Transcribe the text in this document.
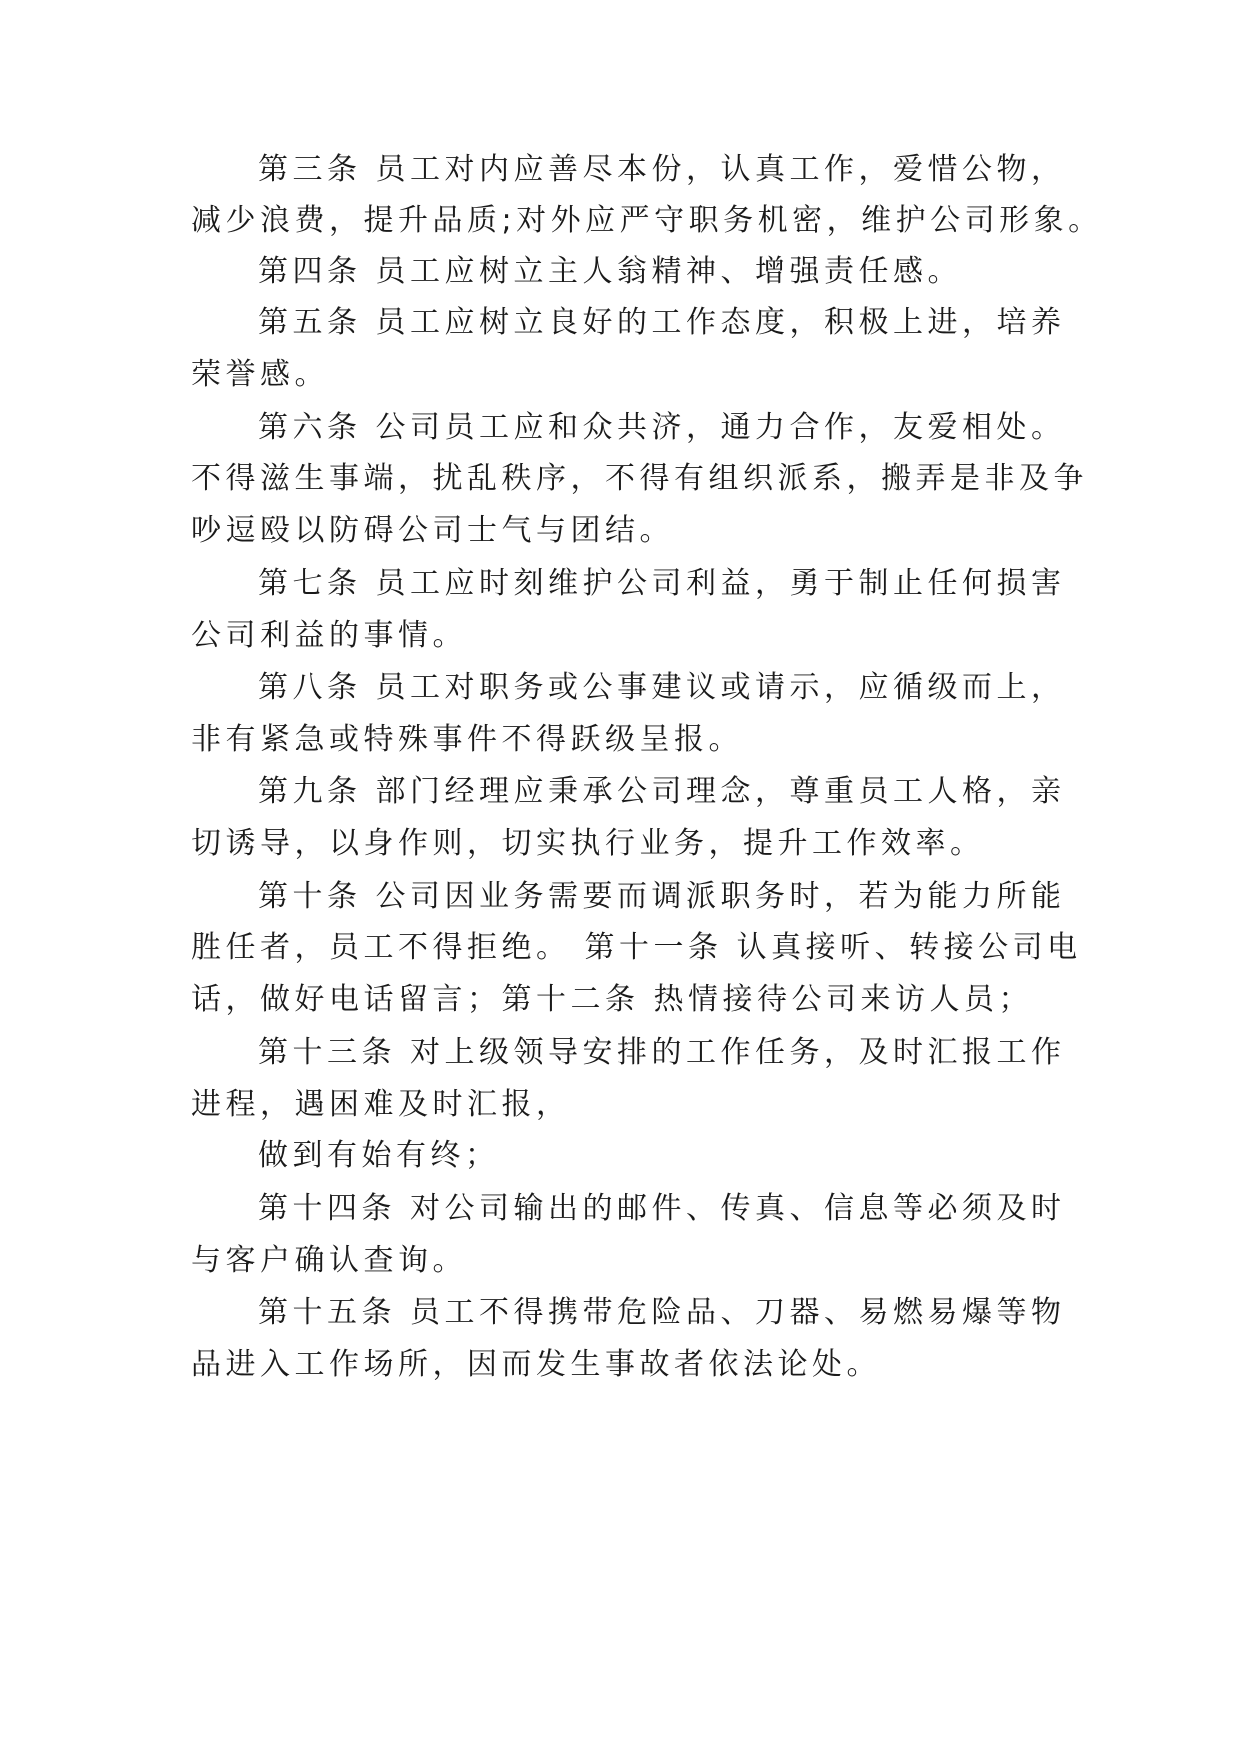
第三条 员工对内应善尽本份，认真工作，爱惜公物，
减少浪费，提升品质;对外应严守职务机密，维护公司形象。
第四条 员工应树立主人翁精神、增强责任感。
第五条 员工应树立良好的工作态度，积极上进，培养
荣誉感。
第六条 公司员工应和众共济，通力合作，友爱相处。
不得滋生事端，扰乱秩序，不得有组织派系，搬弄是非及争
吵逗殴以防碍公司士气与团结。
第七条 员工应时刻维护公司利益，勇于制止任何损害
公司利益的事情。
第八条 员工对职务或公事建议或请示，应循级而上，
非有紧急或特殊事件不得跃级呈报。
第九条 部门经理应秉承公司理念，尊重员工人格，亲
切诱导，以身作则，切实执行业务，提升工作效率。
第十条 公司因业务需要而调派职务时，若为能力所能
胜任者，员工不得拒绝。 第十一条 认真接听、转接公司电
话，做好电话留言；第十二条 热情接待公司来访人员；
第十三条 对上级领导安排的工作任务，及时汇报工作
进程，遇困难及时汇报，
做到有始有终；
第十四条 对公司输出的邮件、传真、信息等必须及时
与客户确认查询。
第十五条 员工不得携带危险品、刀器、易燃易爆等物
品进入工作场所，因而发生事故者依法论处。
